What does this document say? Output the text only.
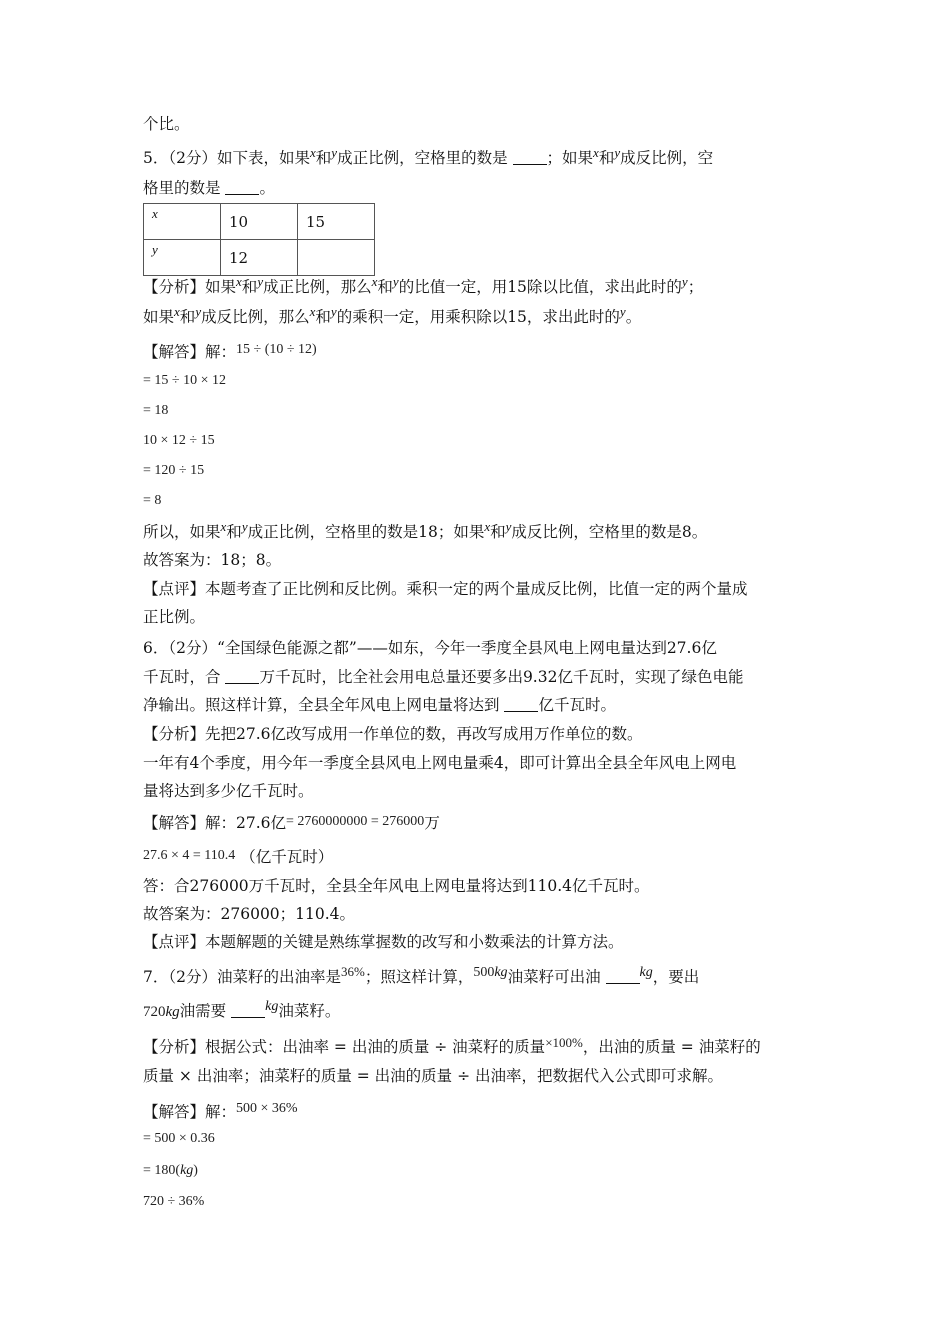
个比。
5．（2分）如下表，如果$^x$和$^y$成正比例，空格里的数是	；如果$^x$和$^y$成反比例，空
格里的数是	。
x	10	15
y	12	
【分析】如果$^x$和$^y$成正比例，那么$^x$和$^y$的比值一定，用15除以比值，求出此时的$^y$；
如果$^x$和$^y$成反比例，那么$^x$和$^y$的乘积一定，用乘积除以15，求出此时的$^y$。
【解答】解：15 ÷ (10 ÷ 12)
= 15 ÷ 10 × 12
= 18
10 × 12 ÷ 15
= 120 ÷ 15
= 8
所以，如果$^x$和$^y$成正比例，空格里的数是18；如果$^x$和$^y$成反比例，空格里的数是8。
故答案为：18；8。
【点评】本题考查了正比例和反比例。乘积一定的两个量成反比例，比值一定的两个量成
正比例。
6．（2分）“全国绿色能源之都”——如东，今年一季度全县风电上网电量达到27.6亿
千瓦时，合 万千瓦时，比全社会用电总量还要多出9.32亿千瓦时，实现了绿色电能
净输出。照这样计算，全县全年风电上网电量将达到 亿千瓦时。
【分析】先把27.6亿改写成用一作单位的数，再改写成用万作单位的数。
一年有4个季度，用今年一季度全县风电上网电量乘4，即可计算出全县全年风电上网电
量将达到多少亿千瓦时。
【解答】解：27.6亿= 2760000000 = 276000万
27.6 × 4 = 110.4 （亿千瓦时）
答：合276000万千瓦时，全县全年风电上网电量将达到110.4亿千瓦时。
故答案为：276000；110.4。
【点评】本题解题的关键是熟练掌握数的改写和小数乘法的计算方法。
7．（2分）油菜籽的出油率是$^{36\%}$；照这样计算，500kg油菜籽可出油 kg，要出
720kg油需要 kg油菜籽。
【分析】根据公式：出油率 = 出油的质量 ÷ 油菜籽的质量$^{\times 100\%}$，出油的质量 = 油菜籽的
质量 × 出油率；油菜籽的质量 = 出油的质量 ÷ 出油率，把数据代入公式即可求解。
【解答】解：500 × 36%
= 500 × 0.36
= 180(kg)
720 ÷ 36%
